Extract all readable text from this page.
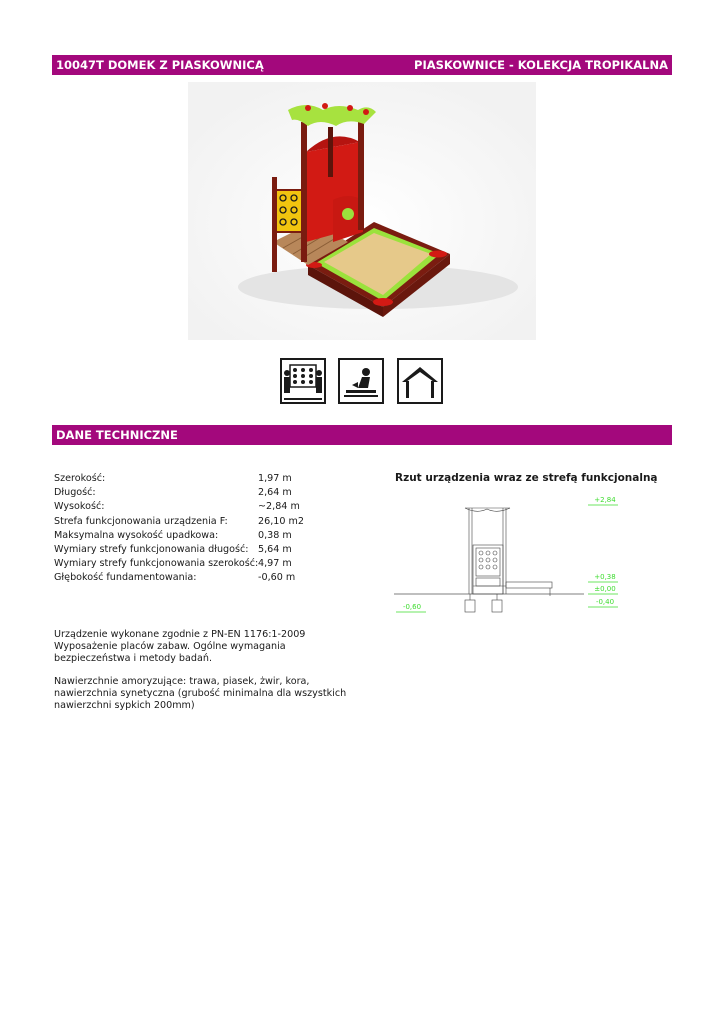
10047T DOMEK Z PIASKOWNICĄ	PIASKOWNICE - KOLEKCJA TROPIKALNA
DANE TECHNICZNE
Szerokość:	1,97 m
Długość:	2,64 m
Wysokość:	~2,84 m
Strefa funkcjonowania urządzenia F:	26,10 m2
Maksymalna wysokość upadkowa:	0,38 m
Wymiary strefy funkcjonowania długość: 5,64 m
Wymiary strefy funkcjonowania szerokość: 4,97 m
Głębokość fundamentowania:	-0,60 m
Rzut urządzenia wraz ze strefą funkcjonalną
+2,84
+0,38
±0,00
-0,40
-0,60
Urządzenie wykonane zgodnie z PN-EN 1176:1-2009
Wyposażenie placów zabaw. Ogólne wymagania
bezpieczeństwa i metody badań.
Nawierzchnie amoryzujące: trawa, piasek, żwir, kora,
nawierzchnia synetyczna (grubość minimalna dla wszystkich
nawierzchni sypkich 200mm)
